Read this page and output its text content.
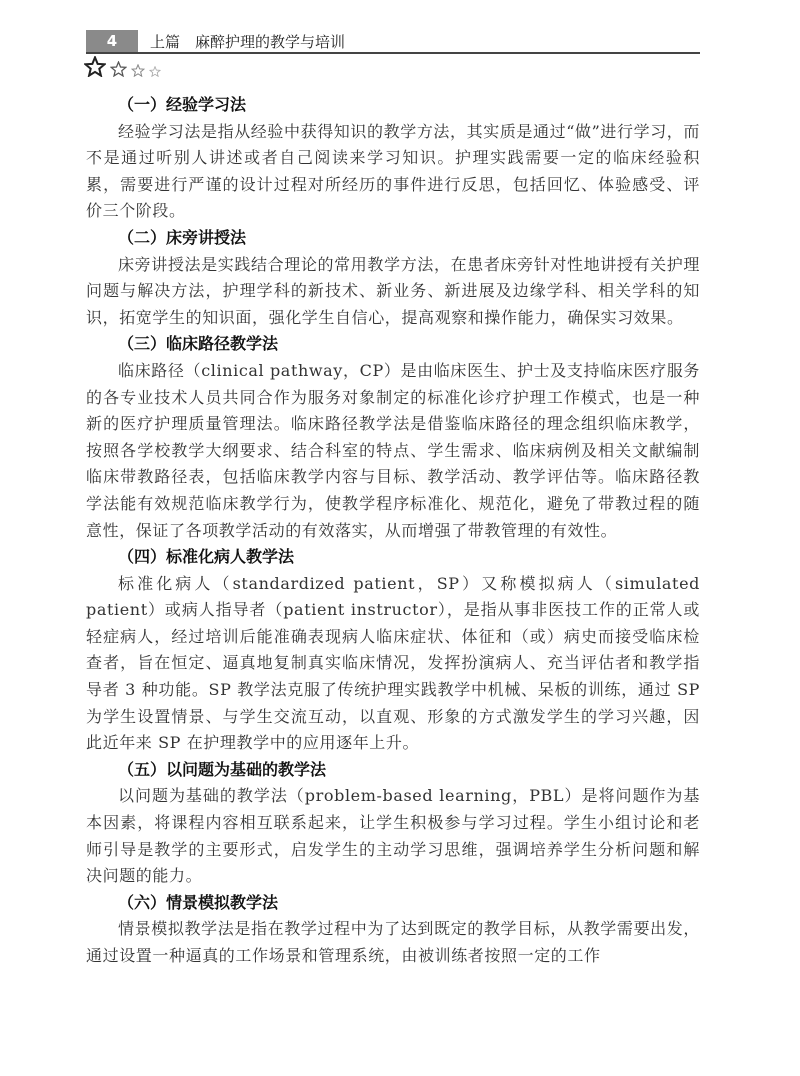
4	上篇　麻醉护理的教学与培训
（一）经验学习法

经验学习法是指从经验中获得知识的教学方法，其实质是通过“做”进行学习，而不是通过听别人讲述或者自己阅读来学习知识。护理实践需要一定的临床经验积累，需要进行严谨的设计过程对所经历的事件进行反思，包括回忆、体验感受、评价三个阶段。

（二）床旁讲授法

床旁讲授法是实践结合理论的常用教学方法，在患者床旁针对性地讲授有关护理问题与解决方法，护理学科的新技术、新业务、新进展及边缘学科、相关学科的知识，拓宽学生的知识面，强化学生自信心，提高观察和操作能力，确保实习效果。

（三）临床路径教学法

临床路径（clinical pathway，CP）是由临床医生、护士及支持临床医疗服务的各专业技术人员共同合作为服务对象制定的标准化诊疗护理工作模式，也是一种新的医疗护理质量管理法。临床路径教学法是借鉴临床路径的理念组织临床教学，按照各学校教学大纲要求、结合科室的特点、学生需求、临床病例及相关文献编制临床带教路径表，包括临床教学内容与目标、教学活动、教学评估等。临床路径教学法能有效规范临床教学行为，使教学程序标准化、规范化，避免了带教过程的随意性，保证了各项教学活动的有效落实，从而增强了带教管理的有效性。

（四）标准化病人教学法

标准化病人（standardized patient，SP）又称模拟病人（simulated patient）或病人指导者（patient instructor），是指从事非医技工作的正常人或轻症病人，经过培训后能准确表现病人临床症状、体征和（或）病史而接受临床检查者，旨在恒定、逼真地复制真实临床情况，发挥扮演病人、充当评估者和教学指导者 3 种功能。SP 教学法克服了传统护理实践教学中机械、呆板的训练，通过 SP 为学生设置情景、与学生交流互动，以直观、形象的方式激发学生的学习兴趣，因此近年来 SP 在护理教学中的应用逐年上升。

（五）以问题为基础的教学法

以问题为基础的教学法（problem-based learning，PBL）是将问题作为基本因素，将课程内容相互联系起来，让学生积极参与学习过程。学生小组讨论和老师引导是教学的主要形式，启发学生的主动学习思维，强调培养学生分析问题和解决问题的能力。

（六）情景模拟教学法

情景模拟教学法是指在教学过程中为了达到既定的教学目标，从教学需要出发，通过设置一种逼真的工作场景和管理系统，由被训练者按照一定的工作
